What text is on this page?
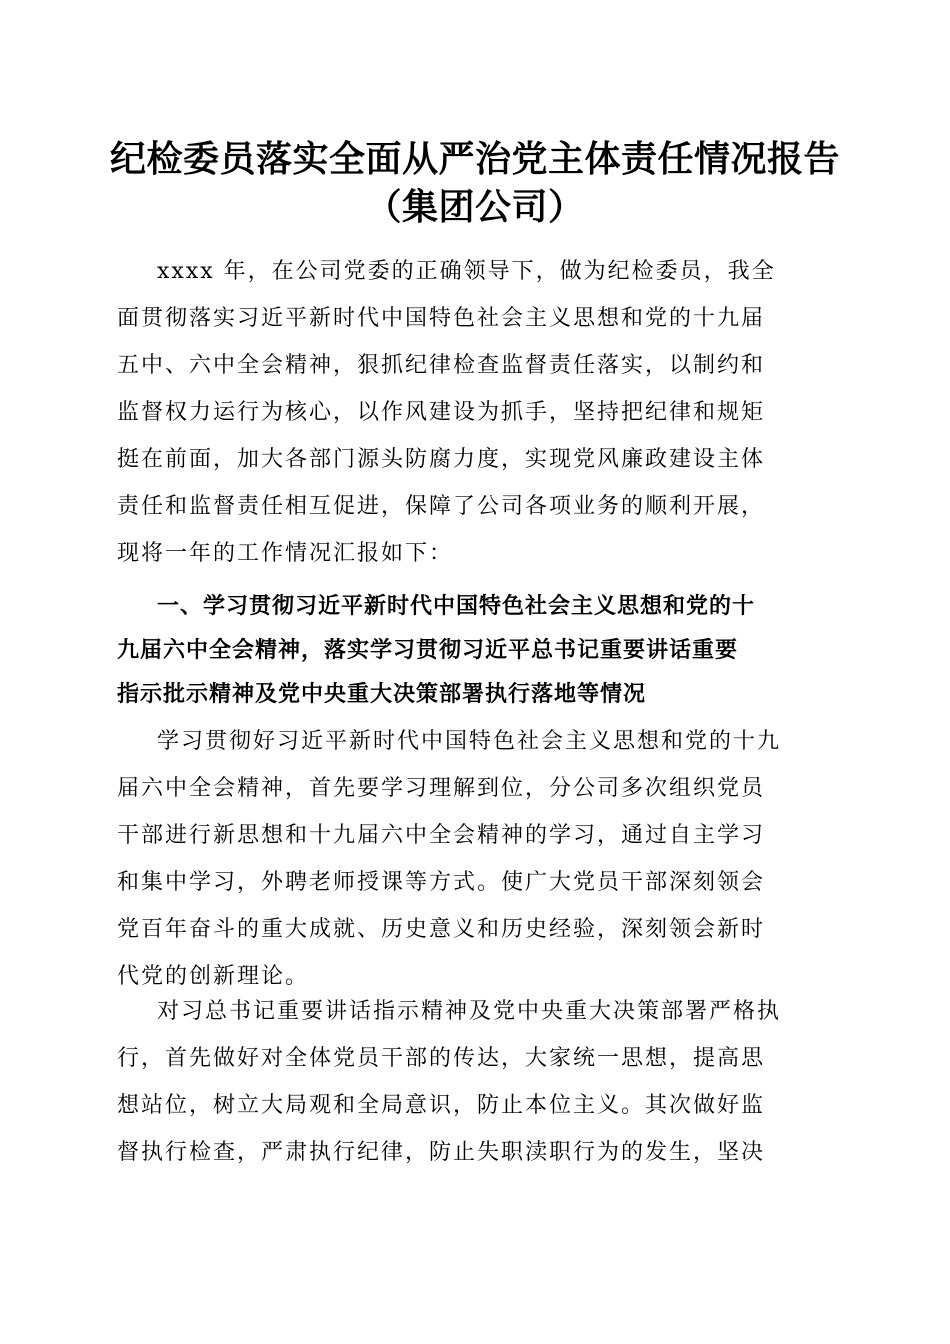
纪检委员落实全面从严治党主体责任情况报告
（集团公司）
xxxx 年，在公司党委的正确领导下，做为纪检委员，我全
面贯彻落实习近平新时代中国特色社会主义思想和党的十九届
五中、六中全会精神，狠抓纪律检查监督责任落实，以制约和
监督权力运行为核心，以作风建设为抓手，坚持把纪律和规矩
挺在前面，加大各部门源头防腐力度，实现党风廉政建设主体
责任和监督责任相互促进，保障了公司各项业务的顺利开展，
现将一年的工作情况汇报如下：
一、学习贯彻习近平新时代中国特色社会主义思想和党的十
九届六中全会精神，落实学习贯彻习近平总书记重要讲话重要
指示批示精神及党中央重大决策部署执行落地等情况
学习贯彻好习近平新时代中国特色社会主义思想和党的十九
届六中全会精神，首先要学习理解到位，分公司多次组织党员
干部进行新思想和十九届六中全会精神的学习，通过自主学习
和集中学习，外聘老师授课等方式。使广大党员干部深刻领会
党百年奋斗的重大成就、历史意义和历史经验，深刻领会新时
代党的创新理论。
对习总书记重要讲话指示精神及党中央重大决策部署严格执
行，首先做好对全体党员干部的传达，大家统一思想，提高思
想站位，树立大局观和全局意识，防止本位主义。其次做好监
督执行检查，严肃执行纪律，防止失职渎职行为的发生，坚决
